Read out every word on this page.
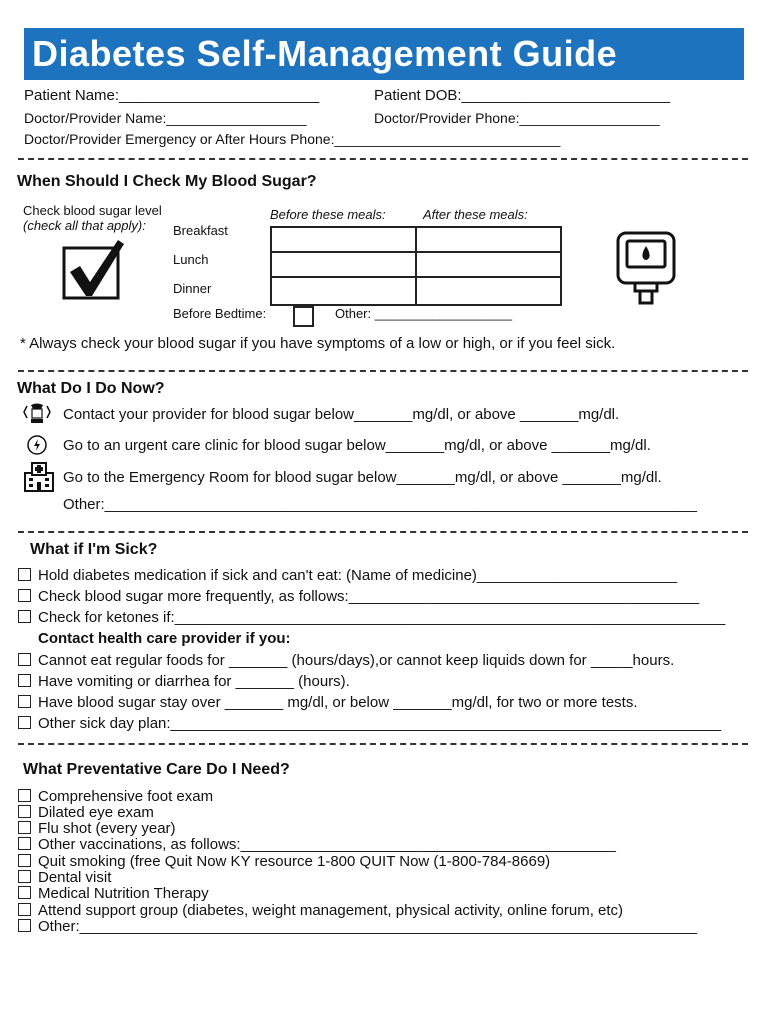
Diabetes Self-Management Guide
Patient Name:________________________	Patient DOB:_________________________
Doctor/Provider Name:__________________	Doctor/Provider Phone:__________________
Doctor/Provider Emergency or After Hours Phone:_____________________________
When Should I Check My Blood Sugar?
Check blood sugar level
(check all that apply):
Before these meals:	After these meals:
Breakfast
Lunch
Dinner
Before Bedtime:	Other: ___________________
* Always check your blood sugar if you have symptoms of a low or high, or if you feel sick.
What Do I Do Now?
Contact your provider for blood sugar below_______mg/dl, or above _______mg/dl.
Go to an urgent care clinic for blood sugar below_______mg/dl, or above _______mg/dl.
Go to the Emergency Room for blood sugar below_______mg/dl, or above _______mg/dl.
Other:_______________________________________________________________________
What if I'm Sick?
Hold diabetes medication if sick and can't eat: (Name of medicine)________________________
Check blood sugar more frequently, as follows:__________________________________________
Check for ketones if:__________________________________________________________________
Contact health care provider if you:
Cannot eat regular foods for _______ (hours/days),or cannot keep liquids down for _____hours.
Have vomiting or diarrhea for _______ (hours).
Have blood sugar stay over _______ mg/dl, or below _______mg/dl, for two or more tests.
Other sick day plan:__________________________________________________________________
What Preventative Care Do I Need?
Comprehensive foot exam
Dilated eye exam
Flu shot (every year)
Other vaccinations, as follows:_____________________________________________
Quit smoking (free Quit Now KY resource 1-800 QUIT Now (1-800-784-8669)
Dental visit
Medical Nutrition Therapy
Attend support group (diabetes, weight management, physical activity, online forum, etc)
Other:__________________________________________________________________________
